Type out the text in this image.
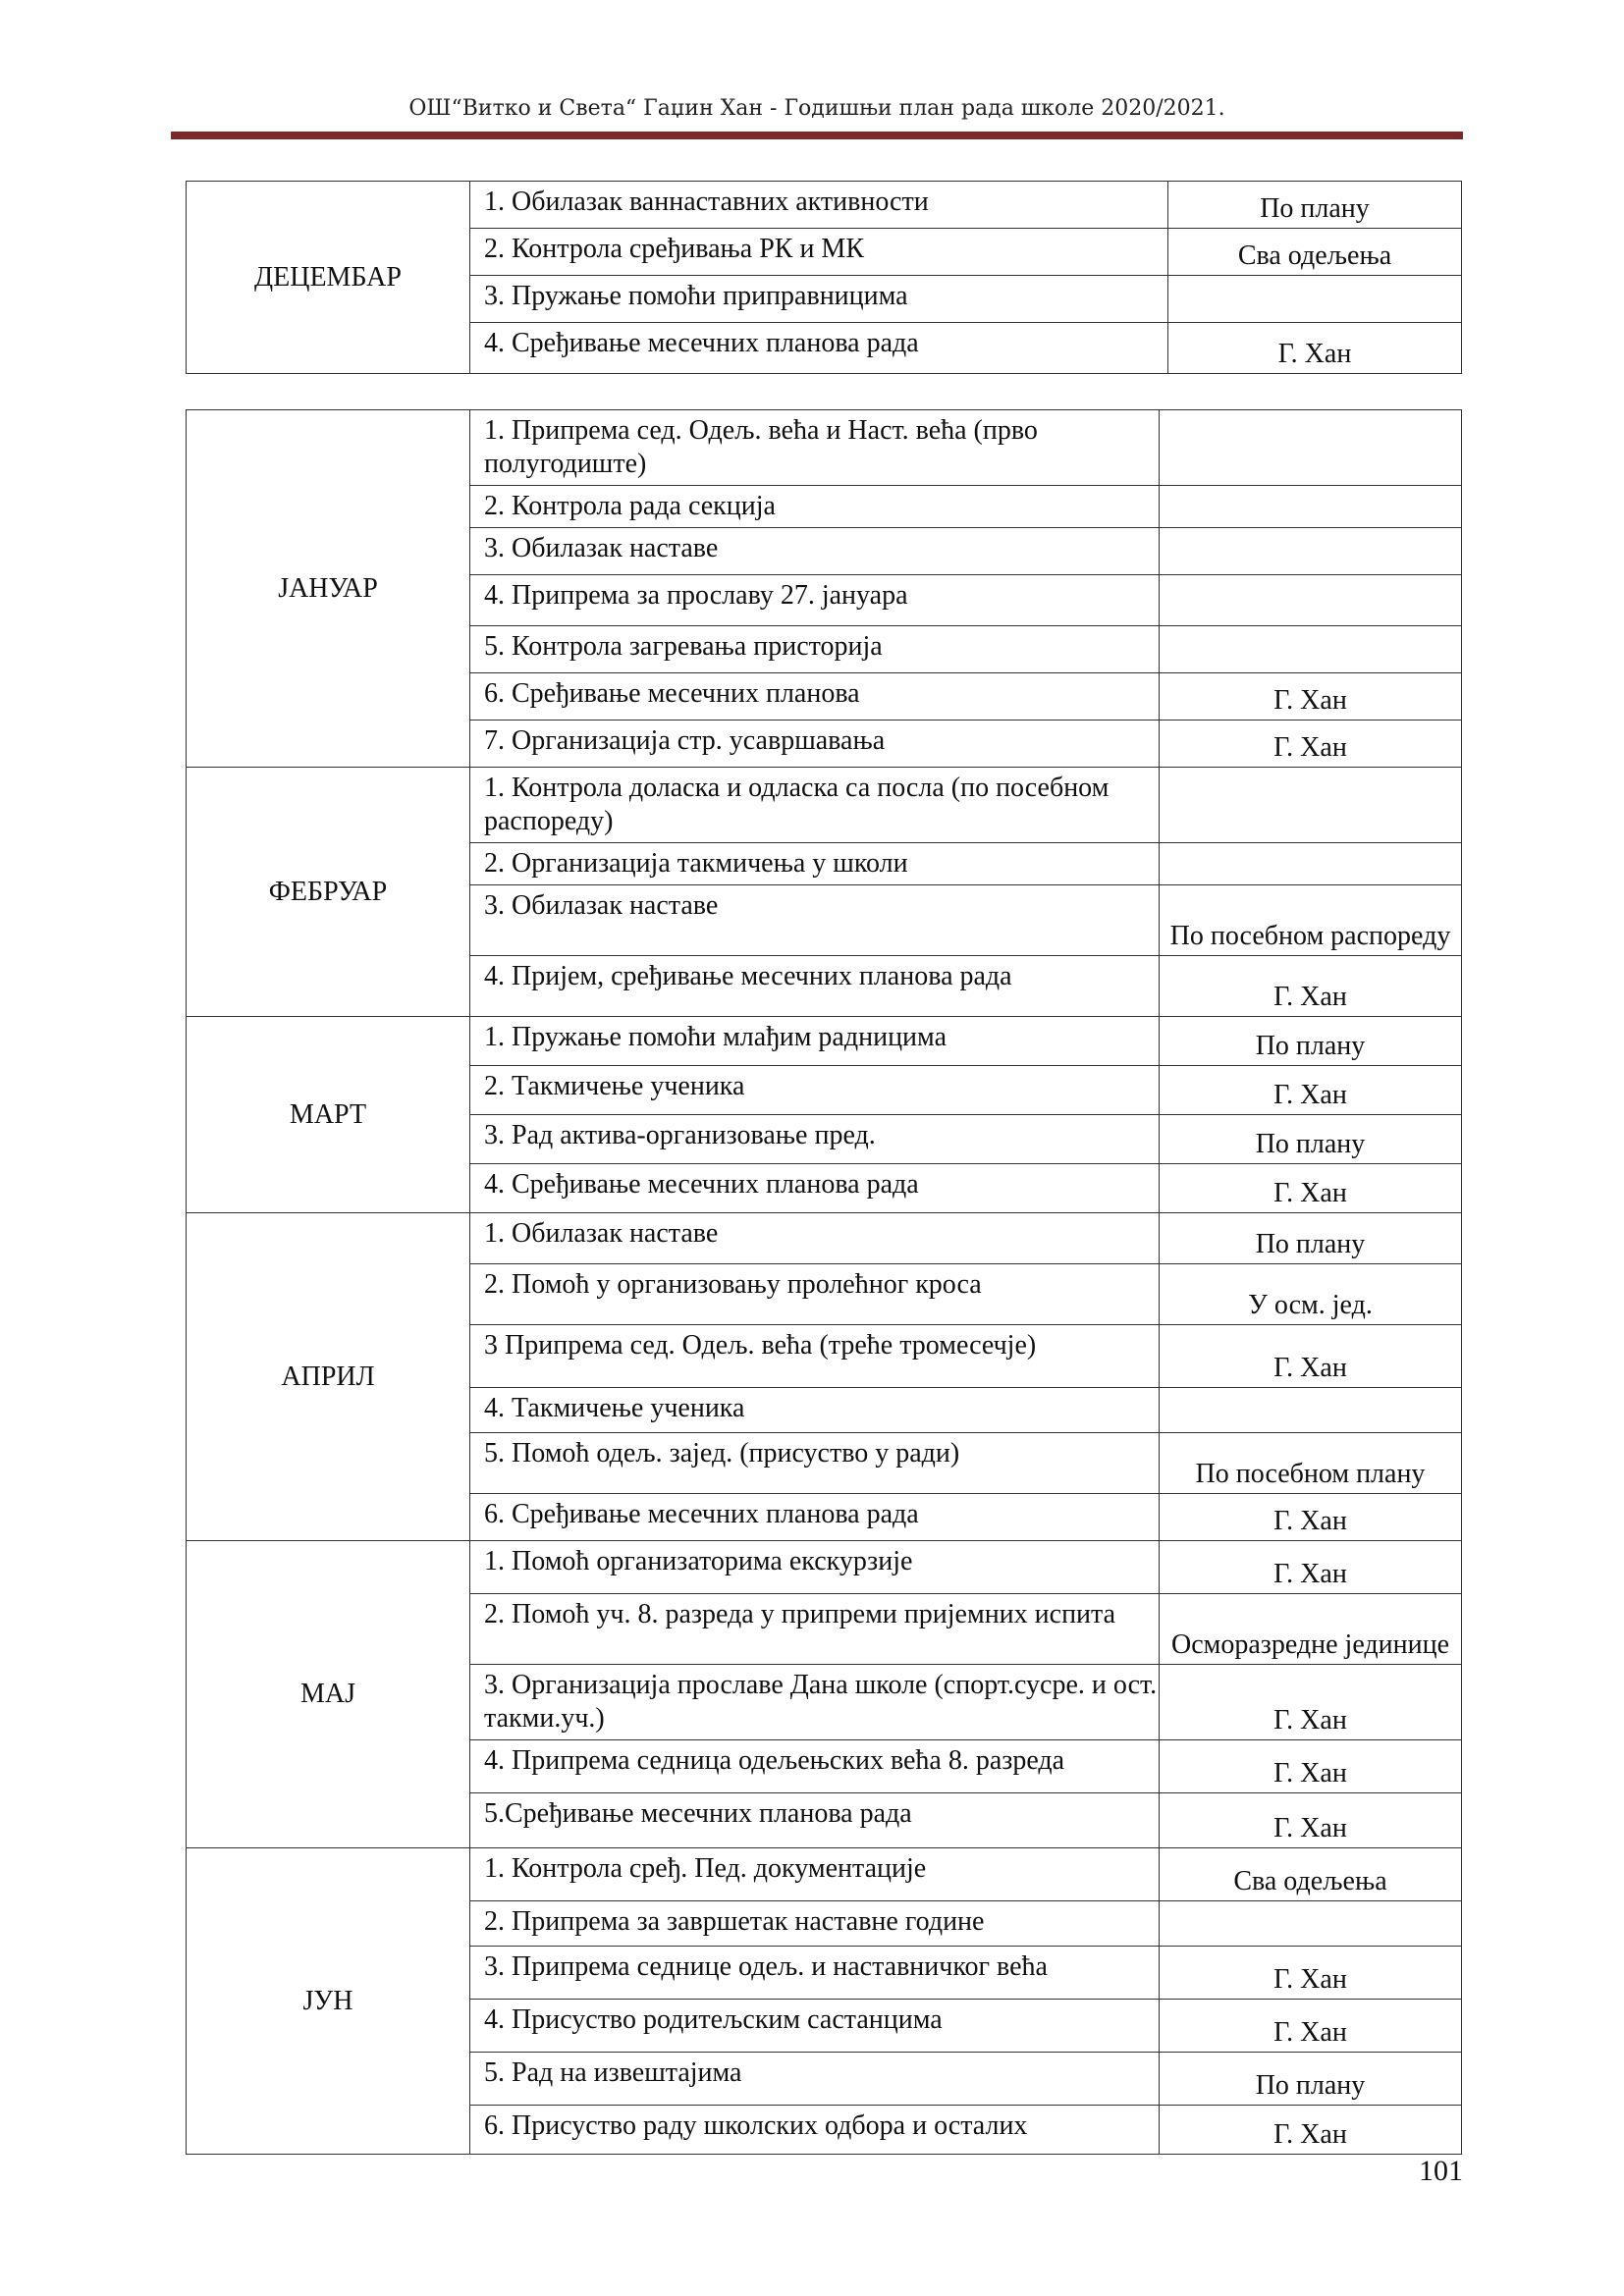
ОШ“Витко и Света“ Гаџин Хан - Годишњи план рада школе 2020/2021.
ДЕЦЕМБАР	1. Обилазак ваннаставних активности	По плану
	2. Контрола сређивања РК и МК	Сва одељења
	3. Пружање помоћи приправницима	
	4. Сређивање месечних планова рада	Г. Хан
ЈАНУАР	1. Припрема сед. Одељ. већа и Наст. већа (прво полугодиште)	
	2. Контрола рада секција	
	3. Обилазак наставе	
	4. Припрема за прославу 27. јануара	
	5. Контрола загревања присторија	
	6. Сређивање месечних планова	Г. Хан
	7. Организација стр. усавршавања	Г. Хан
ФЕБРУАР	1. Контрола доласка и одласка са посла (по посебном распореду)	
	2. Организација такмичења у школи	
	3. Обилазак наставе	По посебном распореду
	4. Пријем, сређивање месечних планова рада	Г. Хан
МАРТ	1. Пружање помоћи млађим радницима	По плану
	2. Такмичење ученика	Г. Хан
	3. Рад актива-организовање пред.	По плану
	4. Сређивање месечних планова рада	Г. Хан
АПРИЛ	1. Обилазак наставе	По плану
	2. Помоћ у организовању пролећног кроса	У осм. јед.
	3 Припрема сед. Одељ. већа (треће тромесечје)	Г. Хан
	4. Такмичење ученика	
	5. Помоћ одељ. зајед. (присуство у ради)	По посебном плану
	6. Сређивање месечних планова рада	Г. Хан
МАЈ	1. Помоћ организаторима екскурзије	Г. Хан
	2. Помоћ уч. 8. разреда у припреми пријемних испита	Осморазредне јединице
	3. Организација прославе Дана школе (спорт.сусре. и ост. такми.уч.)	Г. Хан
	4. Припрема седница одељењских већа 8. разреда	Г. Хан
	5.Сређивање месечних планова рада	Г. Хан
ЈУН	1. Контрола сређ. Пед. документације	Сва одељења
	2. Припрема за завршетак наставне године	
	3. Припрема седнице одељ. и наставничког већа	Г. Хан
	4. Присуство родитељским састанцима	Г. Хан
	5. Рад на извештајима	По плану
	6. Присуство раду школских одбора и осталих	Г. Хан
101
